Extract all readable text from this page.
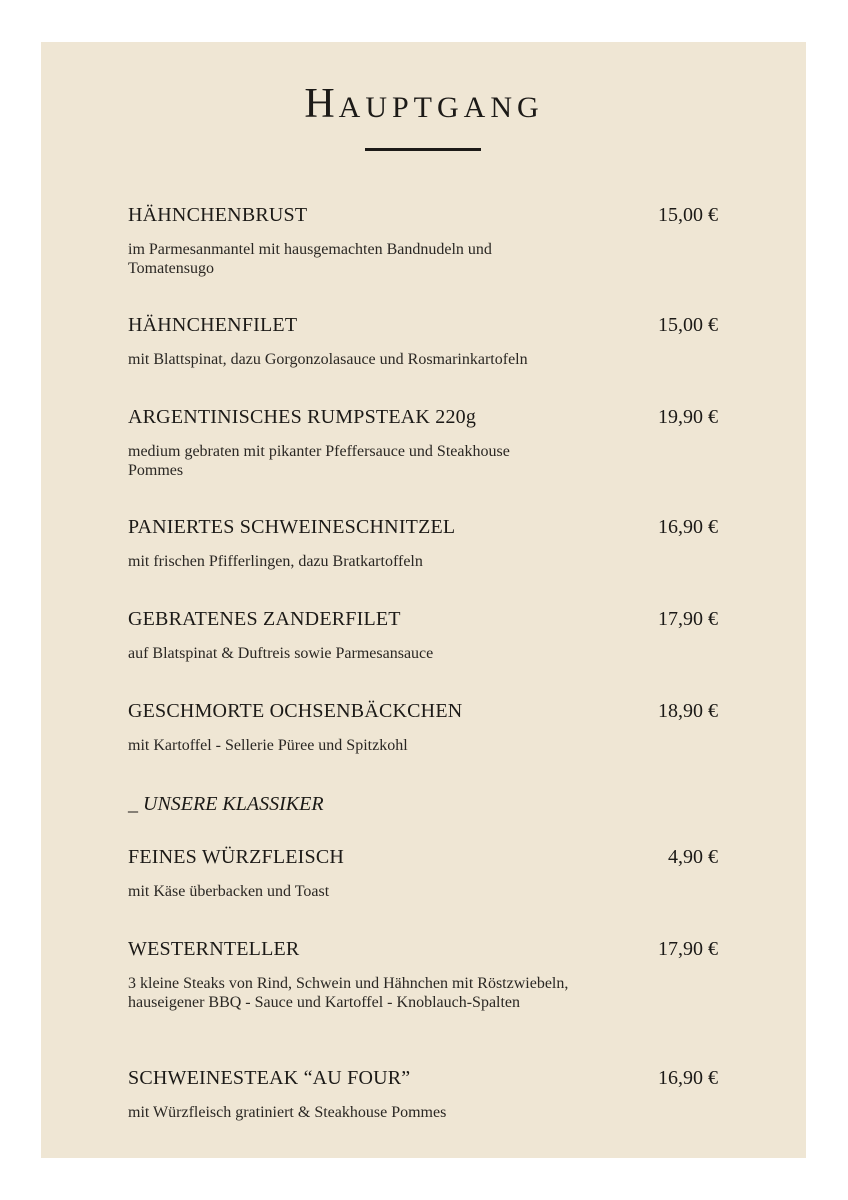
HAUPTGANG
HÄHNCHENBRUST	15,00 €
im Parmesanmantel mit hausgemachten Bandnudeln und Tomatensugo
HÄHNCHENFILET	15,00 €
mit Blattspinat, dazu Gorgonzolasauce und Rosmarinkartofeln
ARGENTINISCHES RUMPSTEAK 220g	19,90 €
medium gebraten mit pikanter Pfeffersauce und Steakhouse Pommes
PANIERTES SCHWEINESCHNITZEL	16,90 €
mit frischen Pfifferlingen, dazu Bratkartoffeln
GEBRATENES ZANDERFILET	17,90 €
auf Blatspinat & Duftreis sowie Parmesansauce
GESCHMORTE OCHSENBÄCKCHEN	18,90 €
mit Kartoffel - Sellerie Püree und Spitzkohl
_ UNSERE KLASSIKER
FEINES WÜRZFLEISCH	4,90 €
mit Käse überbacken und Toast
WESTERNTELLER	17,90 €
3 kleine Steaks von Rind, Schwein und Hähnchen mit Röstzwiebeln, hauseigener BBQ - Sauce und Kartoffel - Knoblauch-Spalten
SCHWEINESTEAK “AU FOUR”	16,90 €
mit Würzfleisch gratiniert & Steakhouse Pommes
